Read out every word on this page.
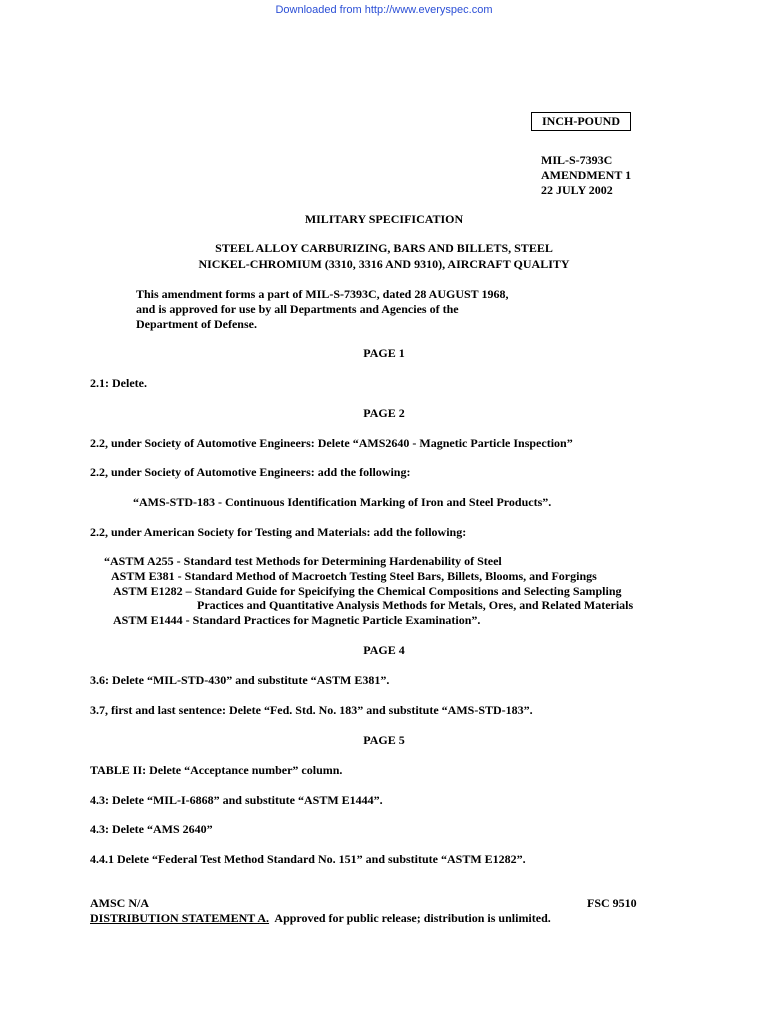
Downloaded from http://www.everyspec.com
INCH-POUND
MIL-S-7393C
AMENDMENT 1
22 JULY 2002
MILITARY SPECIFICATION
STEEL ALLOY CARBURIZING, BARS AND BILLETS, STEEL
NICKEL-CHROMIUM (3310, 3316 AND 9310), AIRCRAFT QUALITY
This amendment forms a part of MIL-S-7393C, dated 28 AUGUST 1968,
and is approved for use by all Departments and Agencies of the
Department of Defense.
PAGE 1
2.1: Delete.
PAGE 2
2.2, under Society of Automotive Engineers: Delete “AMS2640 - Magnetic Particle Inspection”
2.2, under Society of Automotive Engineers: add the following:
“AMS-STD-183 - Continuous Identification Marking of Iron and Steel Products”.
2.2, under American Society for Testing and Materials: add the following:
“ASTM A255 - Standard test Methods for Determining Hardenability of Steel
ASTM E381 - Standard Method of Macroetch Testing Steel Bars, Billets, Blooms, and Forgings
ASTM E1282 – Standard Guide for Speicifying the Chemical Compositions and Selecting Sampling
Practices and Quantitative Analysis Methods for Metals, Ores, and Related Materials
ASTM E1444 - Standard Practices for Magnetic Particle Examination”.
PAGE 4
3.6: Delete “MIL-STD-430” and substitute “ASTM E381”.
3.7, first and last sentence: Delete “Fed. Std. No. 183” and substitute “AMS-STD-183”.
PAGE 5
TABLE II: Delete “Acceptance number” column.
4.3: Delete “MIL-I-6868” and substitute “ASTM E1444”.
4.3: Delete “AMS 2640”
4.4.1 Delete “Federal Test Method Standard No. 151” and substitute “ASTM E1282”.
AMSC N/A	FSC 9510
DISTRIBUTION STATEMENT A.  Approved for public release; distribution is unlimited.
